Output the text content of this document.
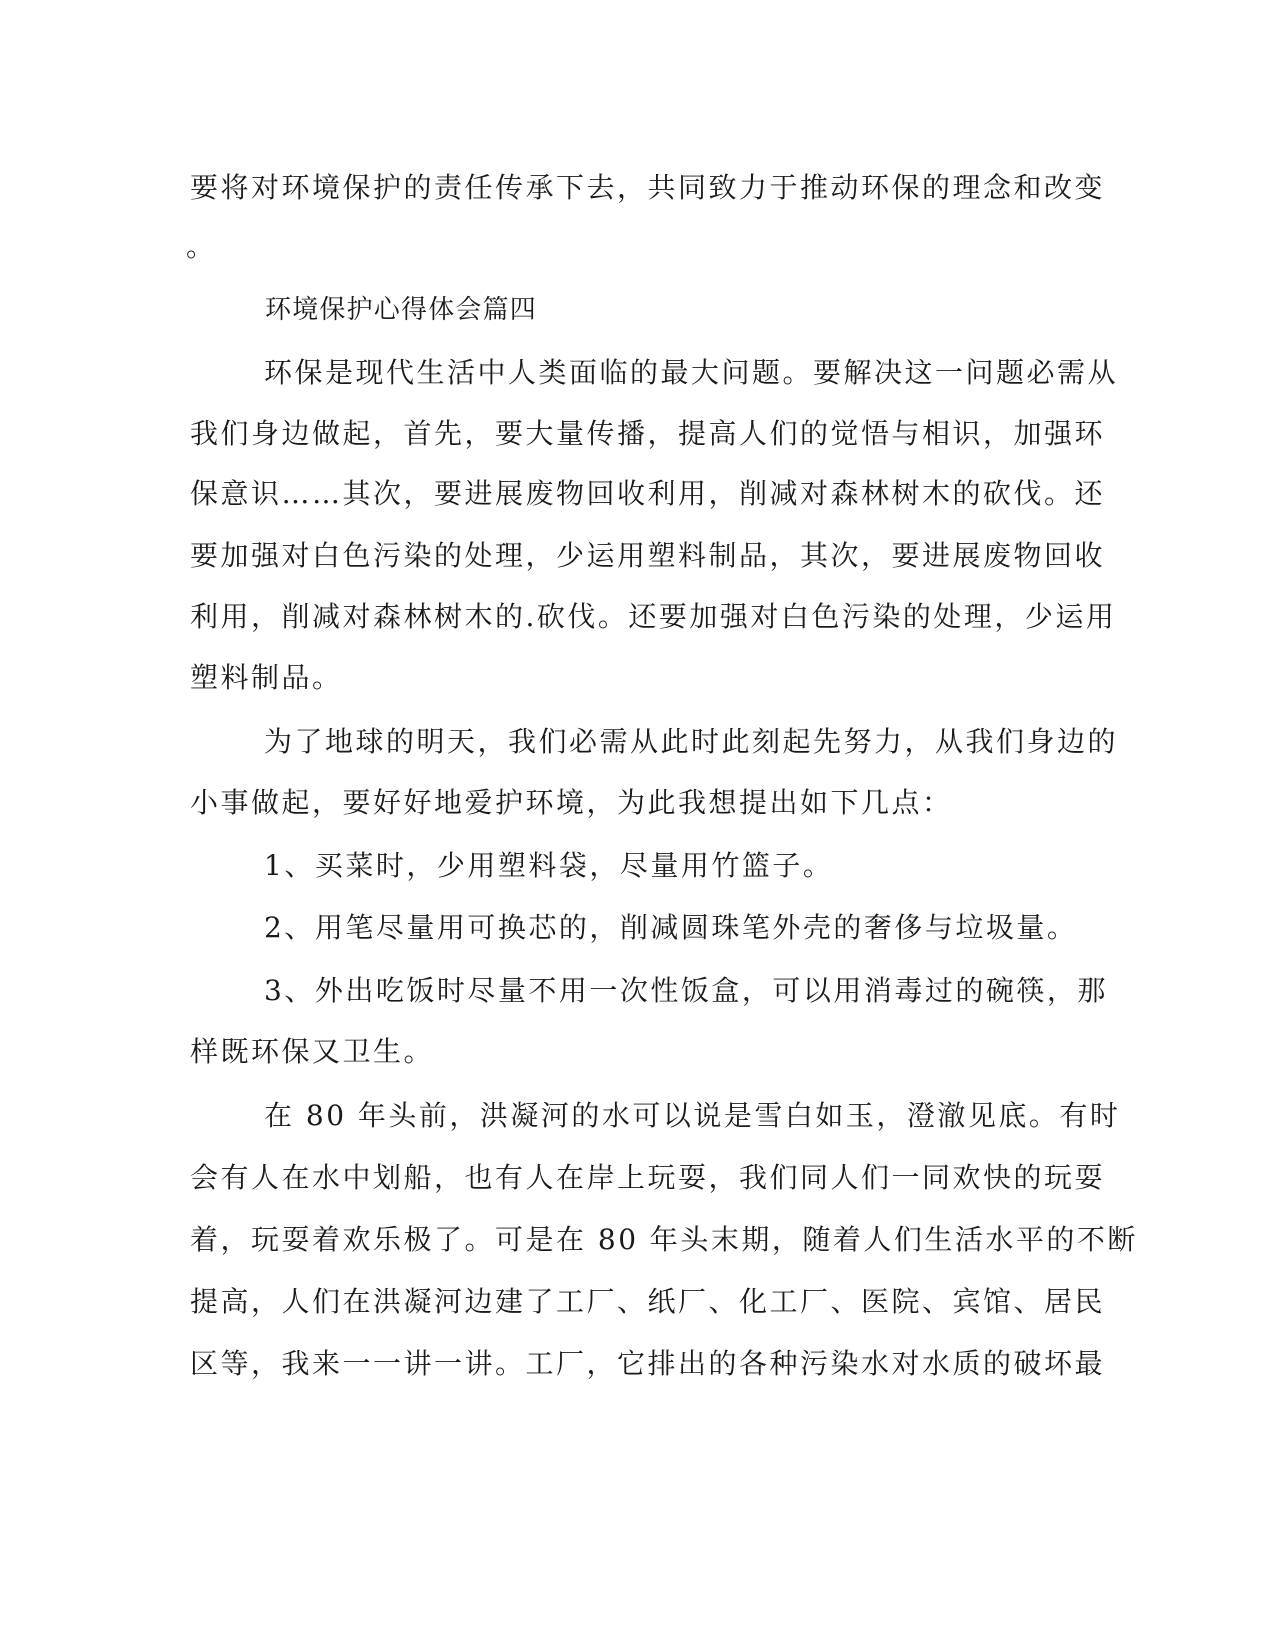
要将对环境保护的责任传承下去，共同致力于推动环保的理念和改变
。
环境保护心得体会篇四
环保是现代生活中人类面临的最大问题。要解决这一问题必需从
我们身边做起，首先，要大量传播，提高人们的觉悟与相识，加强环
保意识……其次，要进展废物回收利用，削减对森林树木的砍伐。还
要加强对白色污染的处理，少运用塑料制品，其次，要进展废物回收
利用，削减对森林树木的.砍伐。还要加强对白色污染的处理，少运用
塑料制品。
为了地球的明天，我们必需从此时此刻起先努力，从我们身边的
小事做起，要好好地爱护环境，为此我想提出如下几点：
1、买菜时，少用塑料袋，尽量用竹篮子。
2、用笔尽量用可换芯的，削减圆珠笔外壳的奢侈与垃圾量。
3、外出吃饭时尽量不用一次性饭盒，可以用消毒过的碗筷，那
样既环保又卫生。
在 80 年头前，洪凝河的水可以说是雪白如玉，澄澈见底。有时
会有人在水中划船，也有人在岸上玩耍，我们同人们一同欢快的玩耍
着，玩耍着欢乐极了。可是在 80 年头末期，随着人们生活水平的不断
提高，人们在洪凝河边建了工厂、纸厂、化工厂、医院、宾馆、居民
区等，我来一一讲一讲。工厂，它排出的各种污染水对水质的破坏最
